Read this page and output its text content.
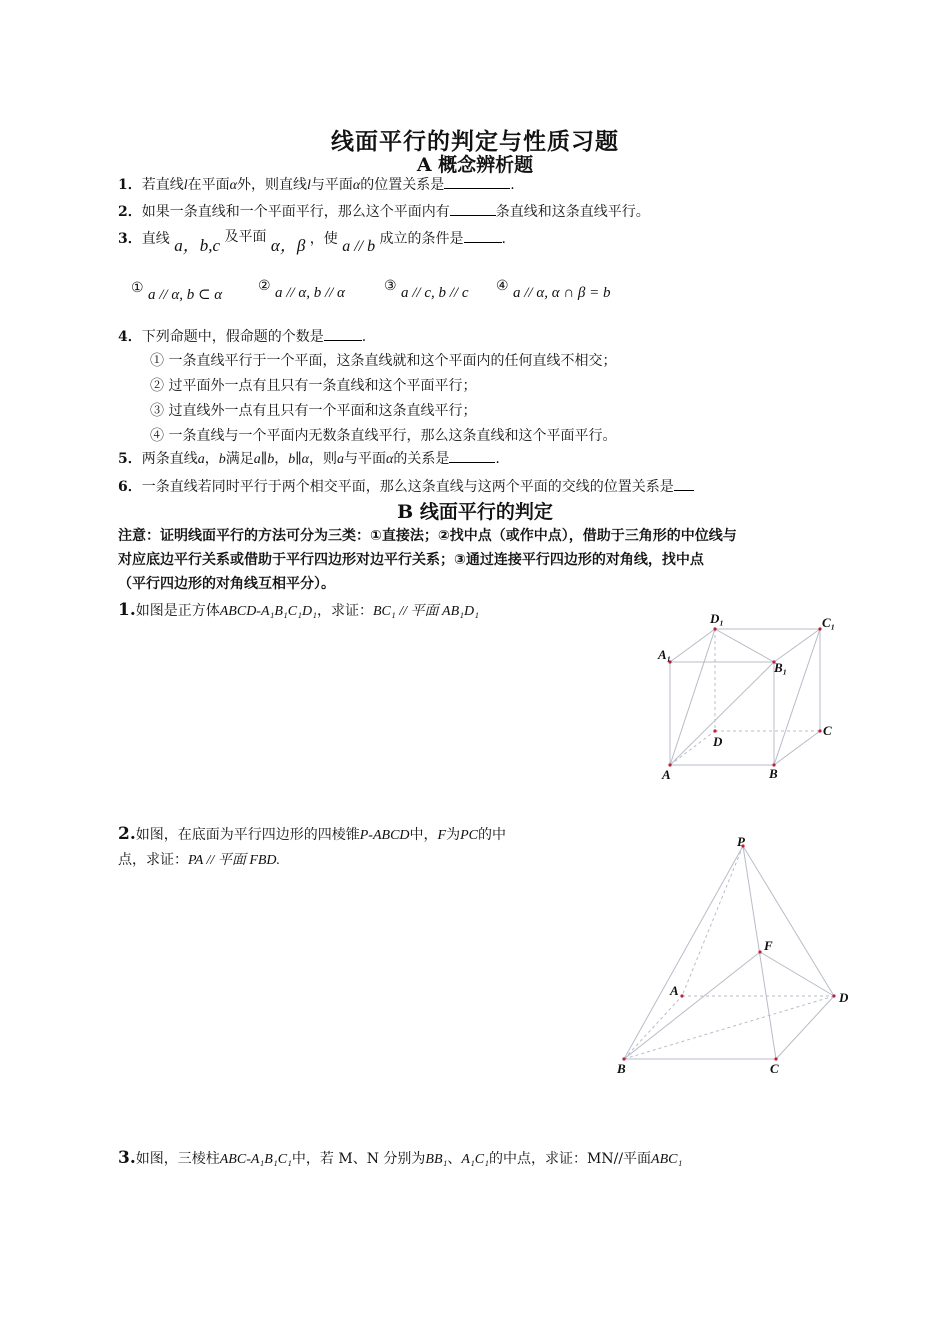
线面平行的判定与性质习题
A 概念辨析题
1．若直线l在平面α外，则直线l与平面α的位置关系是	.
2．如果一条直线和一个平面平行，那么这个平面内有	条直线和这条直线平行。
3．直线 a，b,c 及平面 α，β ，使 a // b 成立的条件是	.
① a // α, b ⊂ α
② a // α, b // α	③ a // c, b // c ④ a // α, α ∩ β = b
4．下列命题中，假命题的个数是	.
① 一条直线平行于一个平面，这条直线就和这个平面内的任何直线不相交；
② 过平面外一点有且只有一条直线和这个平面平行；
③ 过直线外一点有且只有一个平面和这条直线平行；
④ 一条直线与一个平面内无数条直线平行，那么这条直线和这个平面平行。
5．两条直线a，b满足a∥b，b∥α，则a与平面α的关系是	.
6．一条直线若同时平行于两个相交平面，那么这条直线与这两个平面的交线的位置关系是
B 线面平行的判定
注意：证明线面平行的方法可分为三类：①直接法；②找中点（或作中点），借助于三角形的中位线与
对应底边平行关系或借助于平行四边形对边平行关系；③通过连接平行四边形的对角线，找中点
（平行四边形的对角线互相平分）。
1.如图是正方体ABCD-A₁B₁C₁D₁，求证：BC₁ // 平面 AB₁D₁	D₁	C₁
A₁
B₁
D
C
A	B
2.如图，在底面为平行四边形的四棱锥P-ABCD中，F为PC的中
点，求证：PA // 平面 FBD.
P
F
A	D
B	C
3.如图，三棱柱ABC-A₁B₁C₁中，若 M、N 分别为BB₁、A₁C₁的中点，求证：MN//平面ABC₁
